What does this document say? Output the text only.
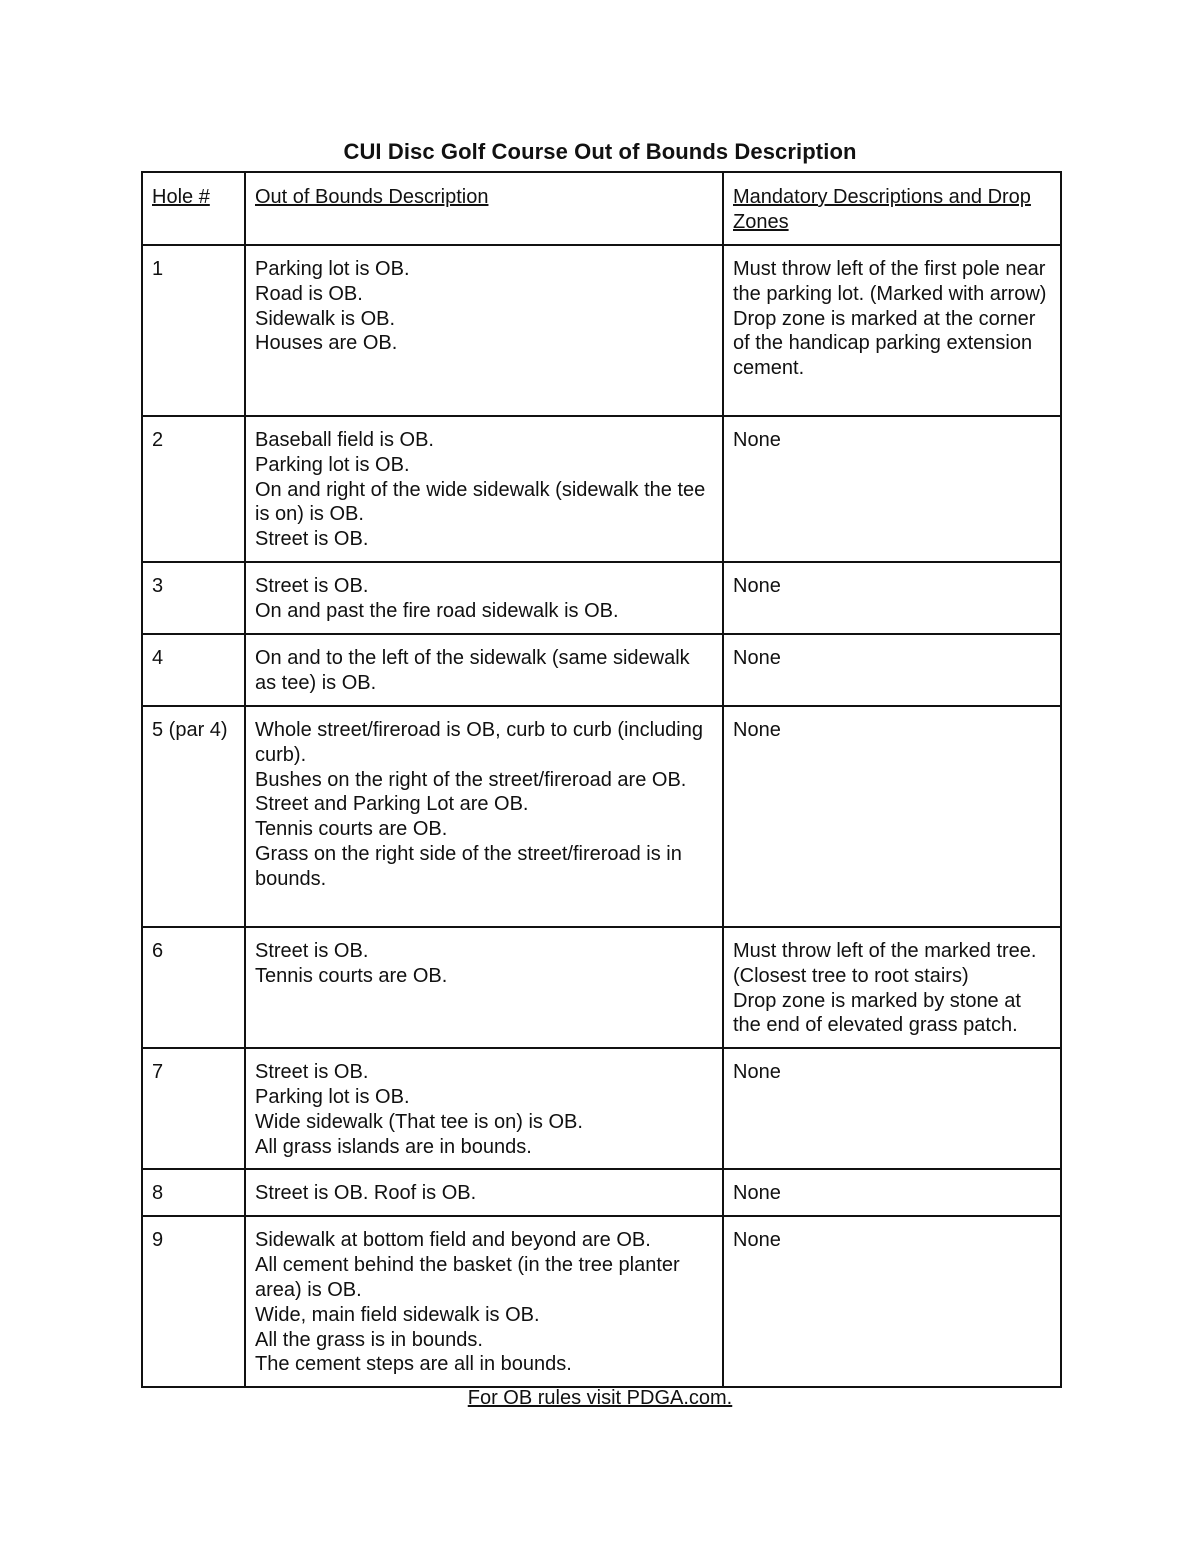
CUI Disc Golf Course Out of Bounds Description
Hole #	Out of Bounds Description	Mandatory Descriptions and Drop Zones
1	Parking lot is OB.
Road is OB.
Sidewalk is OB.
Houses are OB.	Must throw left of the first pole near the parking lot. (Marked with arrow)
Drop zone is marked at the corner of the handicap parking extension cement.

2	Baseball field is OB.
Parking lot is OB.
On and right of the wide sidewalk (sidewalk the tee is on) is OB.
Street is OB.	None

3	Street is OB.
On and past the fire road sidewalk is OB.	None

4	On and to the left of the sidewalk (same sidewalk as tee) is OB.	None

5 (par 4)	Whole street/fireroad is OB, curb to curb (including curb).
Bushes on the right of the street/fireroad are OB.
Street and Parking Lot are OB.
Tennis courts are OB.
Grass on the right side of the street/fireroad is in bounds.	None

6	Street is OB.
Tennis courts are OB.	Must throw left of the marked tree. (Closest tree to root stairs)
Drop zone is marked by stone at the end of elevated grass patch.

7	Street is OB.
Parking lot is OB.
Wide sidewalk (That tee is on) is OB.
All grass islands are in bounds.	None

8	Street is OB. Roof is OB.	None

9	Sidewalk at bottom field and beyond are OB.
All cement behind the basket (in the tree planter area) is OB.
Wide, main field sidewalk is OB.
All the grass is in bounds.
The cement steps are all in bounds.	None
For OB rules visit PDGA.com.
